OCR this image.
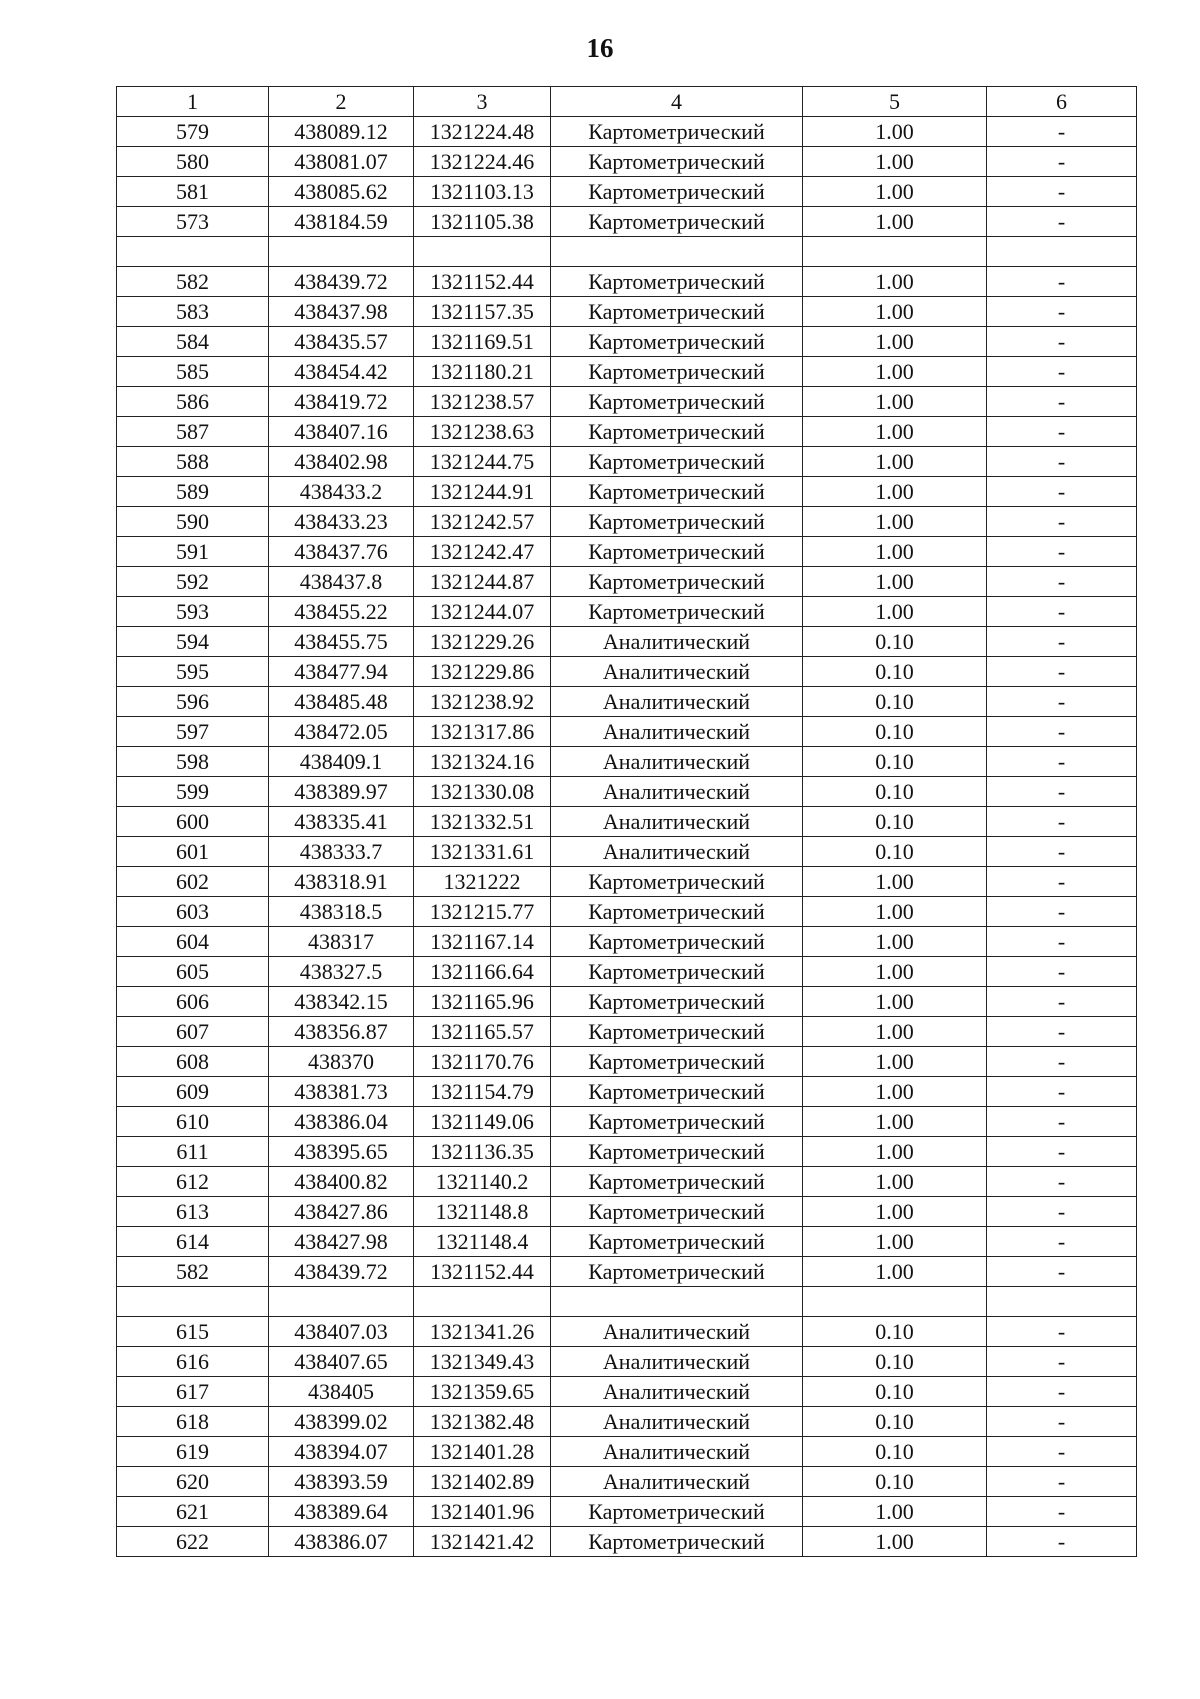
16
1	2	3	4	5	6
579	438089.12	1321224.48	Картометрический	1.00	-
580	438081.07	1321224.46	Картометрический	1.00	-
581	438085.62	1321103.13	Картометрический	1.00	-
573	438184.59	1321105.38	Картометрический	1.00	-

582	438439.72	1321152.44	Картометрический	1.00	-
583	438437.98	1321157.35	Картометрический	1.00	-
584	438435.57	1321169.51	Картометрический	1.00	-
585	438454.42	1321180.21	Картометрический	1.00	-
586	438419.72	1321238.57	Картометрический	1.00	-
587	438407.16	1321238.63	Картометрический	1.00	-
588	438402.98	1321244.75	Картометрический	1.00	-
589	438433.2	1321244.91	Картометрический	1.00	-
590	438433.23	1321242.57	Картометрический	1.00	-
591	438437.76	1321242.47	Картометрический	1.00	-
592	438437.8	1321244.87	Картометрический	1.00	-
593	438455.22	1321244.07	Картометрический	1.00	-
594	438455.75	1321229.26	Аналитический	0.10	-
595	438477.94	1321229.86	Аналитический	0.10	-
596	438485.48	1321238.92	Аналитический	0.10	-
597	438472.05	1321317.86	Аналитический	0.10	-
598	438409.1	1321324.16	Аналитический	0.10	-
599	438389.97	1321330.08	Аналитический	0.10	-
600	438335.41	1321332.51	Аналитический	0.10	-
601	438333.7	1321331.61	Аналитический	0.10	-
602	438318.91	1321222	Картометрический	1.00	-
603	438318.5	1321215.77	Картометрический	1.00	-
604	438317	1321167.14	Картометрический	1.00	-
605	438327.5	1321166.64	Картометрический	1.00	-
606	438342.15	1321165.96	Картометрический	1.00	-
607	438356.87	1321165.57	Картометрический	1.00	-
608	438370	1321170.76	Картометрический	1.00	-
609	438381.73	1321154.79	Картометрический	1.00	-
610	438386.04	1321149.06	Картометрический	1.00	-
611	438395.65	1321136.35	Картометрический	1.00	-
612	438400.82	1321140.2	Картометрический	1.00	-
613	438427.86	1321148.8	Картометрический	1.00	-
614	438427.98	1321148.4	Картометрический	1.00	-
582	438439.72	1321152.44	Картометрический	1.00	-

615	438407.03	1321341.26	Аналитический	0.10	-
616	438407.65	1321349.43	Аналитический	0.10	-
617	438405	1321359.65	Аналитический	0.10	-
618	438399.02	1321382.48	Аналитический	0.10	-
619	438394.07	1321401.28	Аналитический	0.10	-
620	438393.59	1321402.89	Аналитический	0.10	-
621	438389.64	1321401.96	Картометрический	1.00	-
622	438386.07	1321421.42	Картометрический	1.00	-
